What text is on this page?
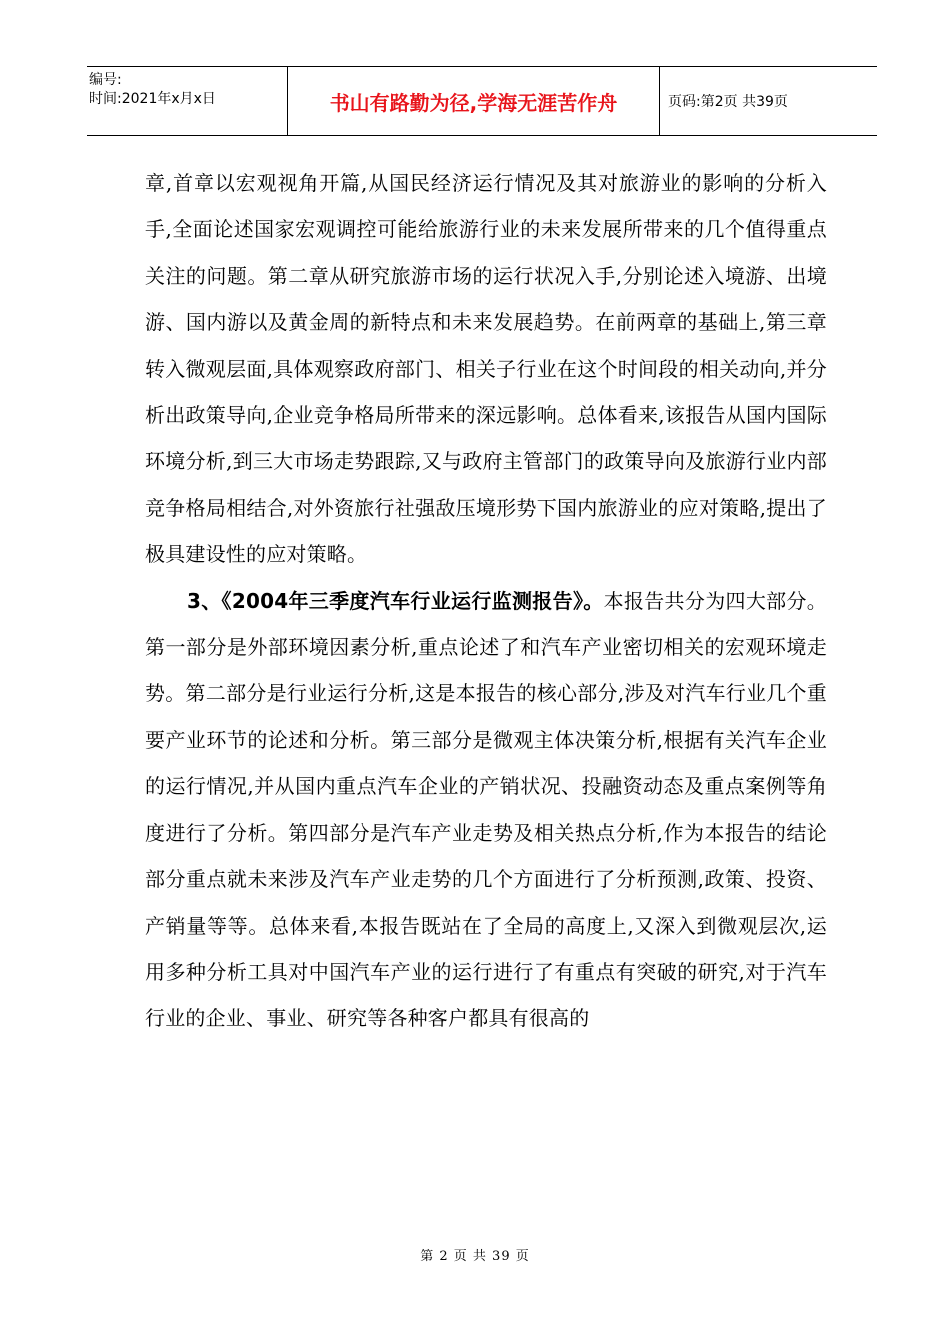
编号:
时间:2021年x月x日	书山有路勤为径,学海无涯苦作舟	页码:第2页 共39页

章,首章以宏观视角开篇,从国民经济运行情况及其对旅游业的影响的分析入手,全面论述国家宏观调控可能给旅游行业的未来发展所带来的几个值得重点关注的问题。第二章从研究旅游市场的运行状况入手,分别论述入境游、出境游、国内游以及黄金周的新特点和未来发展趋势。在前两章的基础上,第三章转入微观层面,具体观察政府部门、相关子行业在这个时间段的相关动向,并分析出政策导向,企业竞争格局所带来的深远影响。总体看来,该报告从国内国际环境分析,到三大市场走势跟踪,又与政府主管部门的政策导向及旅游行业内部竞争格局相结合,对外资旅行社强敌压境形势下国内旅游业的应对策略,提出了极具建设性的应对策略。

3、《2004年三季度汽车行业运行监测报告》。本报告共分为四大部分。第一部分是外部环境因素分析,重点论述了和汽车产业密切相关的宏观环境走势。第二部分是行业运行分析,这是本报告的核心部分,涉及对汽车行业几个重要产业环节的论述和分析。第三部分是微观主体决策分析,根据有关汽车企业的运行情况,并从国内重点汽车企业的产销状况、投融资动态及重点案例等角度进行了分析。第四部分是汽车产业走势及相关热点分析,作为本报告的结论部分重点就未来涉及汽车产业走势的几个方面进行了分析预测,政策、投资、产销量等等。总体来看,本报告既站在了全局的高度上,又深入到微观层次,运用多种分析工具对中国汽车产业的运行进行了有重点有突破的研究,对于汽车行业的企业、事业、研究等各种客户都具有很高的

第 2 页 共 39 页
